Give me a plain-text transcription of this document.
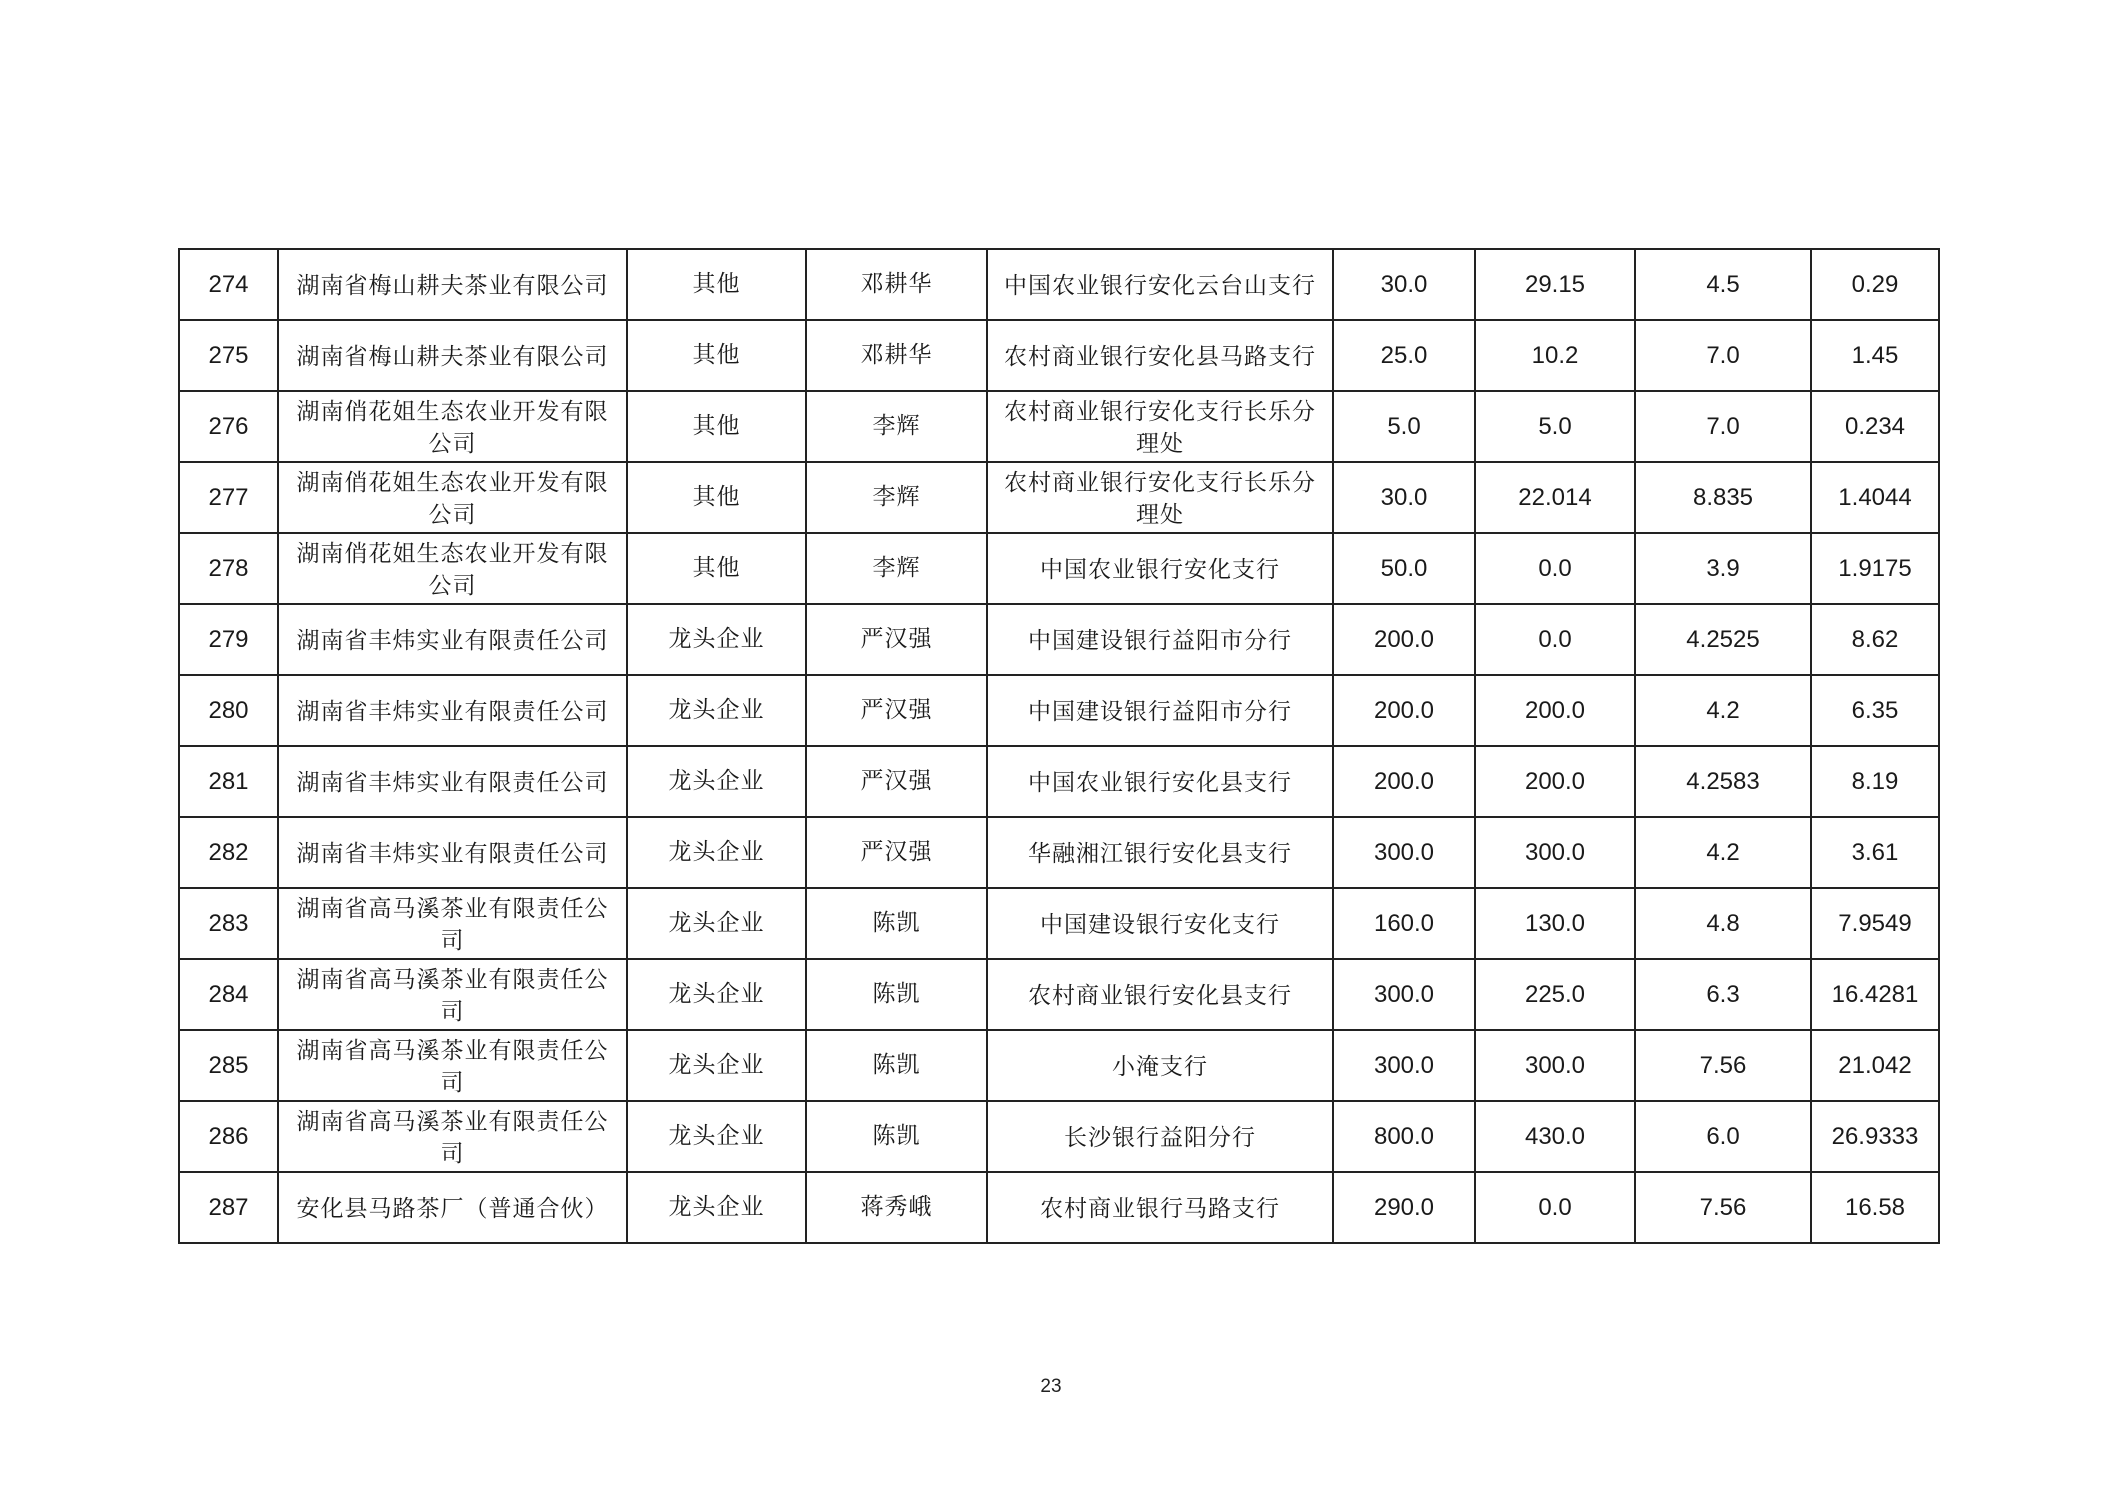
274	湖南省梅山耕夫茶业有限公司	其他	邓耕华	中国农业银行安化云台山支行	30.0	29.15	4.5	0.29
275	湖南省梅山耕夫茶业有限公司	其他	邓耕华	农村商业银行安化县马路支行	25.0	10.2	7.0	1.45
276	湖南俏花姐生态农业开发有限公司	其他	李辉	农村商业银行安化支行长乐分理处	5.0	5.0	7.0	0.234
277	湖南俏花姐生态农业开发有限公司	其他	李辉	农村商业银行安化支行长乐分理处	30.0	22.014	8.835	1.4044
278	湖南俏花姐生态农业开发有限公司	其他	李辉	中国农业银行安化支行	50.0	0.0	3.9	1.9175
279	湖南省丰炜实业有限责任公司	龙头企业	严汉强	中国建设银行益阳市分行	200.0	0.0	4.2525	8.62
280	湖南省丰炜实业有限责任公司	龙头企业	严汉强	中国建设银行益阳市分行	200.0	200.0	4.2	6.35
281	湖南省丰炜实业有限责任公司	龙头企业	严汉强	中国农业银行安化县支行	200.0	200.0	4.2583	8.19
282	湖南省丰炜实业有限责任公司	龙头企业	严汉强	华融湘江银行安化县支行	300.0	300.0	4.2	3.61
283	湖南省高马溪茶业有限责任公司	龙头企业	陈凯	中国建设银行安化支行	160.0	130.0	4.8	7.9549
284	湖南省高马溪茶业有限责任公司	龙头企业	陈凯	农村商业银行安化县支行	300.0	225.0	6.3	16.4281
285	湖南省高马溪茶业有限责任公司	龙头企业	陈凯	小淹支行	300.0	300.0	7.56	21.042
286	湖南省高马溪茶业有限责任公司	龙头企业	陈凯	长沙银行益阳分行	800.0	430.0	6.0	26.9333
287	安化县马路茶厂（普通合伙）	龙头企业	蒋秀峨	农村商业银行马路支行	290.0	0.0	7.56	16.58
23
